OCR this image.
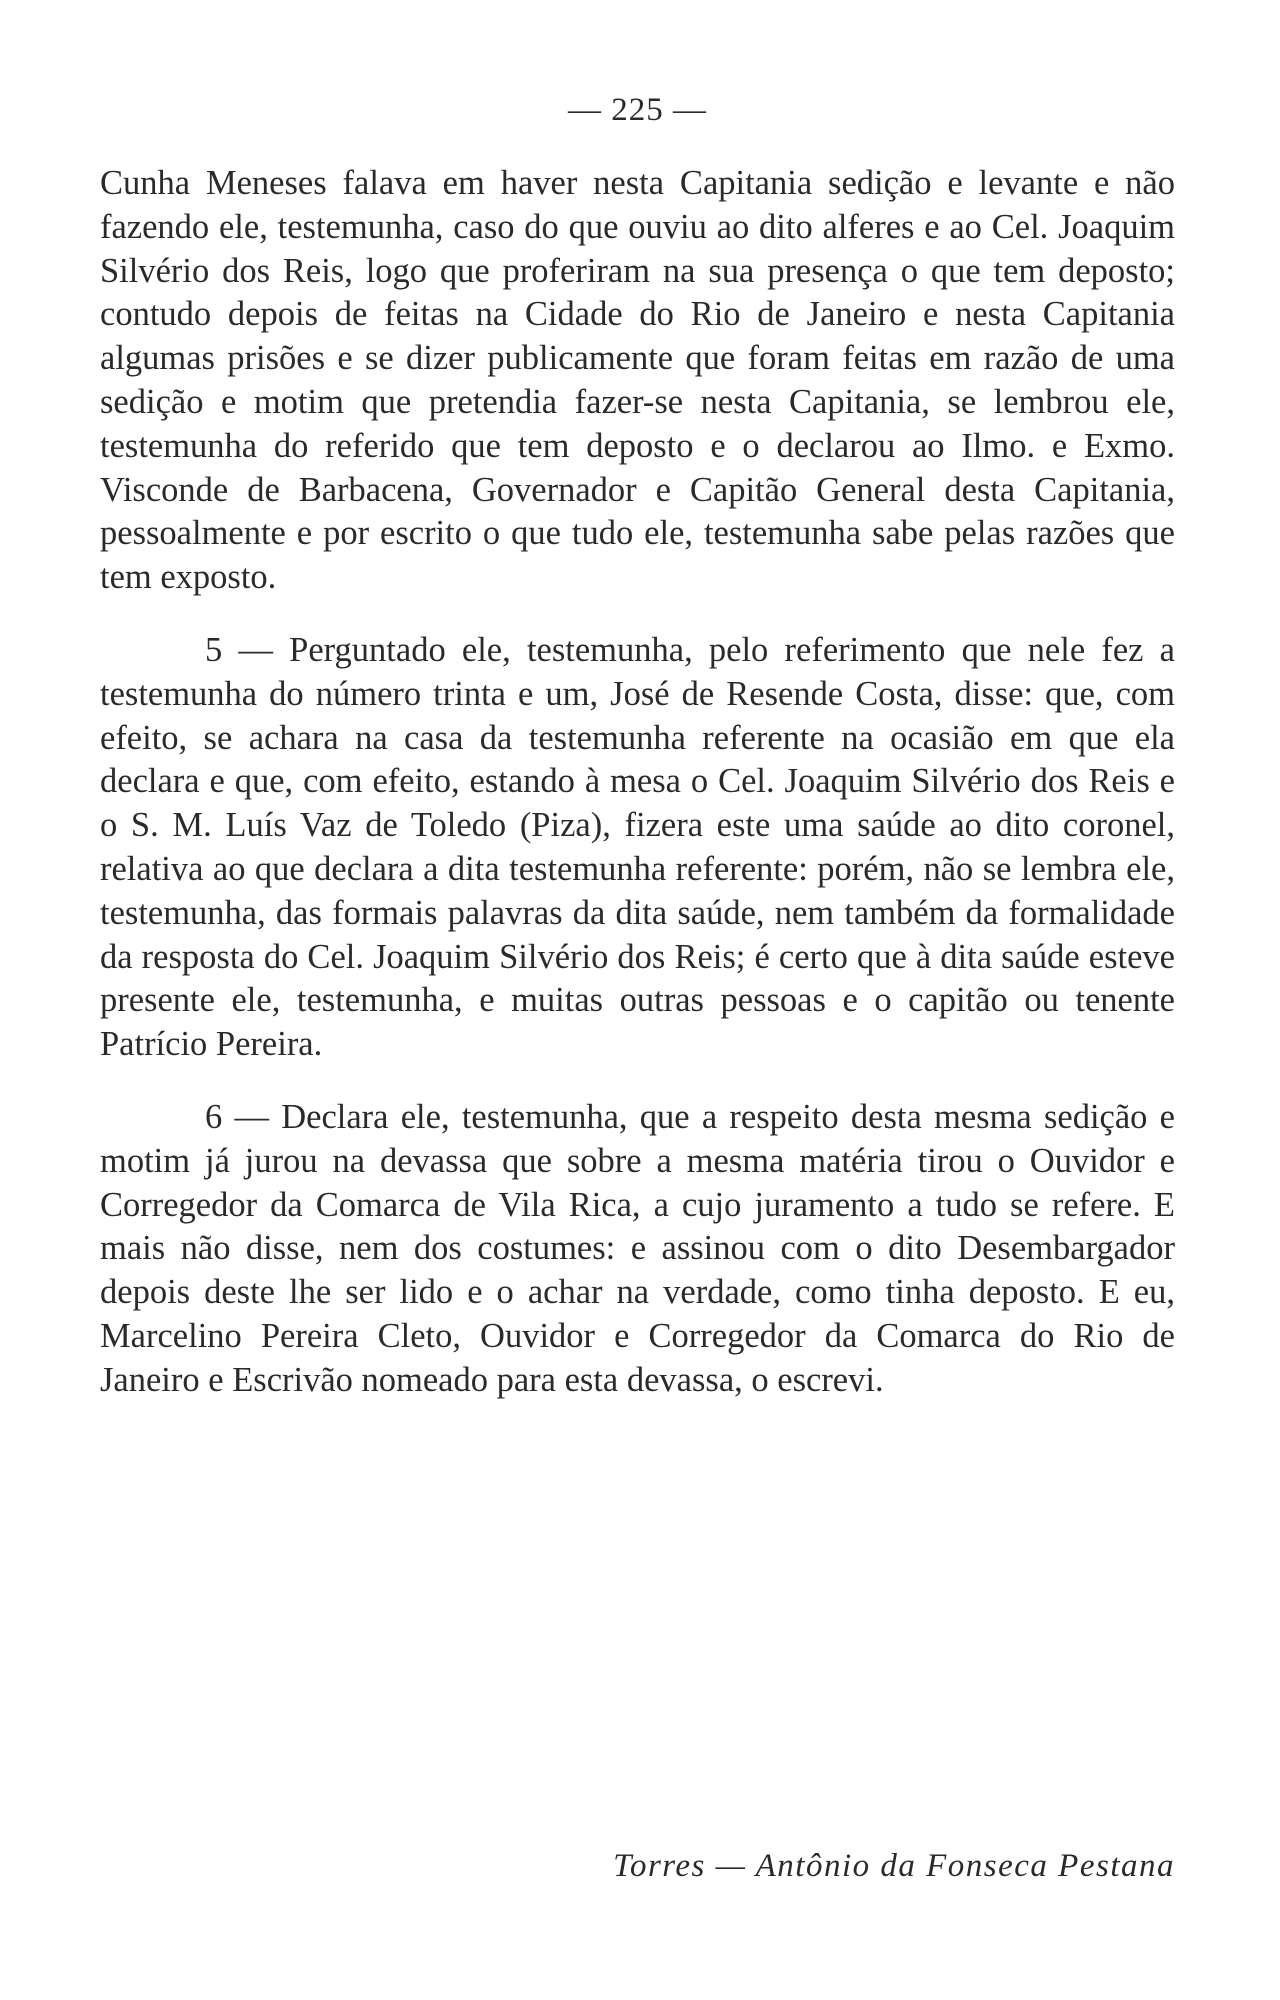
— 225 —

Cunha Meneses falava em haver nesta Capitania sedição e levante e não fazendo ele, testemunha, caso do que ouviu ao dito alferes e ao Cel. Joaquim Silvério dos Reis, logo que proferiram na sua presença o que tem deposto; contudo depois de feitas na Cidade do Rio de Janeiro e nesta Capitania algumas prisões e se dizer publicamente que foram feitas em razão de uma sedição e motim que pretendia fazer-se nesta Capitania, se lembrou ele, testemunha do referido que tem deposto e o declarou ao Ilmo. e Exmo. Visconde de Barbacena, Governador e Capitão General desta Capitania, pessoalmente e por escrito o que tudo ele, testemunha sabe pelas razões que tem exposto.

5 — Perguntado ele, testemunha, pelo referimento que nele fez a testemunha do número trinta e um, José de Resende Costa, disse: que, com efeito, se achara na casa da testemunha referente na ocasião em que ela declara e que, com efeito, estando à mesa o Cel. Joaquim Silvério dos Reis e o S. M. Luís Vaz de Toledo (Piza), fizera este uma saúde ao dito coronel, relativa ao que declara a dita testemunha referente: porém, não se lembra ele, testemunha, das formais palavras da dita saúde, nem também da formalidade da resposta do Cel. Joaquim Silvério dos Reis; é certo que à dita saúde esteve presente ele, testemunha, e muitas outras pessoas e o capitão ou tenente Patrício Pereira.

6 — Declara ele, testemunha, que a respeito desta mesma sedição e motim já jurou na devassa que sobre a mesma matéria tirou o Ouvidor e Corregedor da Comarca de Vila Rica, a cujo juramento a tudo se refere. E mais não disse, nem dos costumes: e assinou com o dito Desembargador depois deste lhe ser lido e o achar na verdade, como tinha deposto. E eu, Marcelino Pereira Cleto, Ouvidor e Corregedor da Comarca do Rio de Janeiro e Escrivão nomeado para esta devassa, o escrevi.

Torres — Antônio da Fonseca Pestana
